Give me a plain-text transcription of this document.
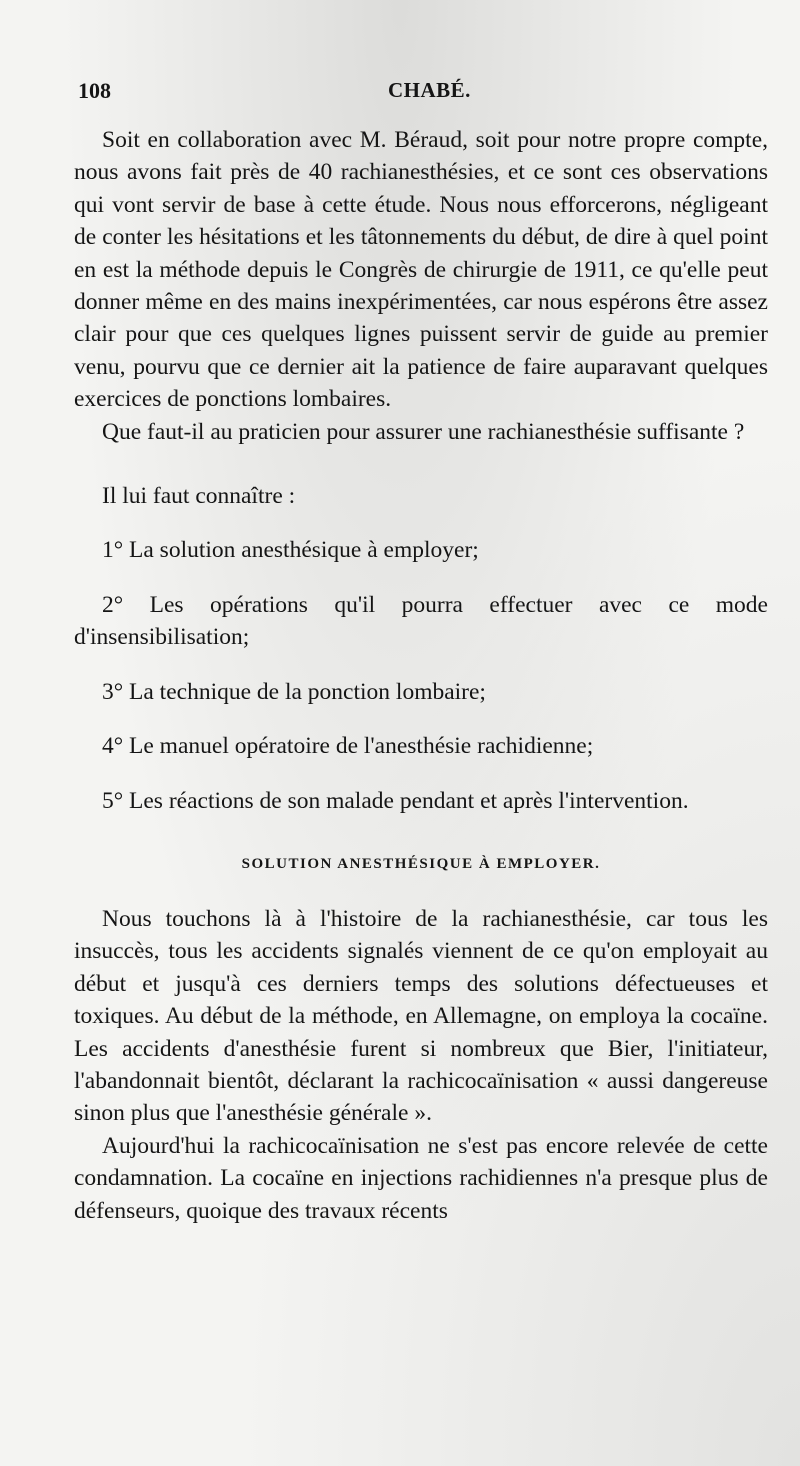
108	CHABÉ.

Soit en collaboration avec M. Béraud, soit pour notre propre compte, nous avons fait près de 40 rachianesthésies, et ce sont ces observations qui vont servir de base à cette étude. Nous nous efforcerons, négligeant de conter les hésitations et les tâtonnements du début, de dire à quel point en est la méthode depuis le Congrès de chirurgie de 1911, ce qu'elle peut donner même en des mains inexpérimentées, car nous espérons être assez clair pour que ces quelques lignes puissent servir de guide au premier venu, pourvu que ce dernier ait la patience de faire auparavant quelques exercices de ponctions lombaires.

Que faut-il au praticien pour assurer une rachianesthésie suffisante ?

Il lui faut connaître :

1° La solution anesthésique à employer;

2° Les opérations qu'il pourra effectuer avec ce mode d'insensibilisation;

3° La technique de la ponction lombaire;

4° Le manuel opératoire de l'anesthésie rachidienne;

5° Les réactions de son malade pendant et après l'intervention.

SOLUTION ANESTHÉSIQUE À EMPLOYER.

Nous touchons là à l'histoire de la rachianesthésie, car tous les insuccès, tous les accidents signalés viennent de ce qu'on employait au début et jusqu'à ces derniers temps des solutions défectueuses et toxiques. Au début de la méthode, en Allemagne, on employa la cocaïne. Les accidents d'anesthésie furent si nombreux que Bier, l'initiateur, l'abandonnait bientôt, déclarant la rachicocaïnisation « aussi dangereuse sinon plus que l'anesthésie générale ».

Aujourd'hui la rachicocaïnisation ne s'est pas encore relevée de cette condamnation. La cocaïne en injections rachidiennes n'a presque plus de défenseurs, quoique des travaux récents
